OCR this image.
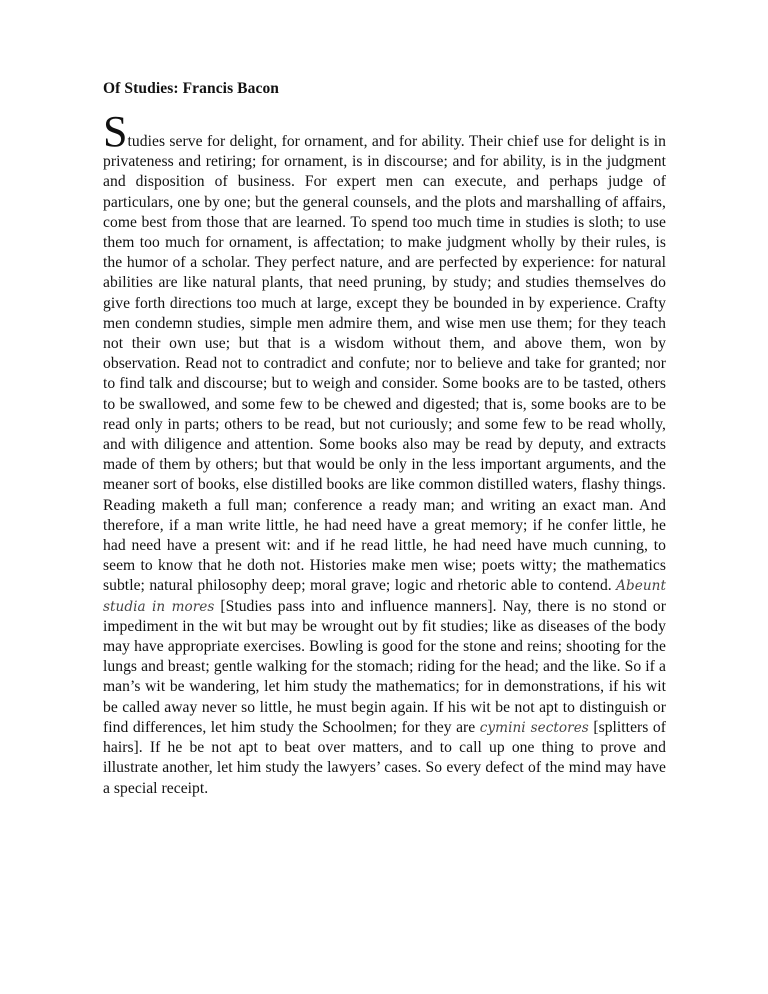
Of Studies: Francis Bacon

Studies serve for delight, for ornament, and for ability. Their chief use for delight is in privateness and retiring; for ornament, is in discourse; and for ability, is in the judgment and disposition of business. For expert men can execute, and perhaps judge of particulars, one by one; but the general counsels, and the plots and marshalling of affairs, come best from those that are learned. To spend too much time in studies is sloth; to use them too much for ornament, is affectation; to make judgment wholly by their rules, is the humor of a scholar. They perfect nature, and are perfected by experience: for natural abilities are like natural plants, that need pruning, by study; and studies themselves do give forth directions too much at large, except they be bounded in by experience. Crafty men condemn studies, simple men admire them, and wise men use them; for they teach not their own use; but that is a wisdom without them, and above them, won by observation. Read not to contradict and confute; nor to believe and take for granted; nor to find talk and discourse; but to weigh and consider. Some books are to be tasted, others to be swallowed, and some few to be chewed and digested; that is, some books are to be read only in parts; others to be read, but not curiously; and some few to be read wholly, and with diligence and attention. Some books also may be read by deputy, and extracts made of them by others; but that would be only in the less important arguments, and the meaner sort of books, else distilled books are like common distilled waters, flashy things. Reading maketh a full man; conference a ready man; and writing an exact man. And therefore, if a man write little, he had need have a great memory; if he confer little, he had need have a present wit: and if he read little, he had need have much cunning, to seem to know that he doth not. Histories make men wise; poets witty; the mathematics subtle; natural philosophy deep; moral grave; logic and rhetoric able to contend. Abeunt studia in mores [Studies pass into and influence manners]. Nay, there is no stond or impediment in the wit but may be wrought out by fit studies; like as diseases of the body may have appropriate exercises. Bowling is good for the stone and reins; shooting for the lungs and breast; gentle walking for the stomach; riding for the head; and the like. So if a man’s wit be wandering, let him study the mathematics; for in demonstrations, if his wit be called away never so little, he must begin again. If his wit be not apt to distinguish or find differences, let him study the Schoolmen; for they are cymini sectores [splitters of hairs]. If he be not apt to beat over matters, and to call up one thing to prove and illustrate another, let him study the lawyers’ cases. So every defect of the mind may have a special receipt.
